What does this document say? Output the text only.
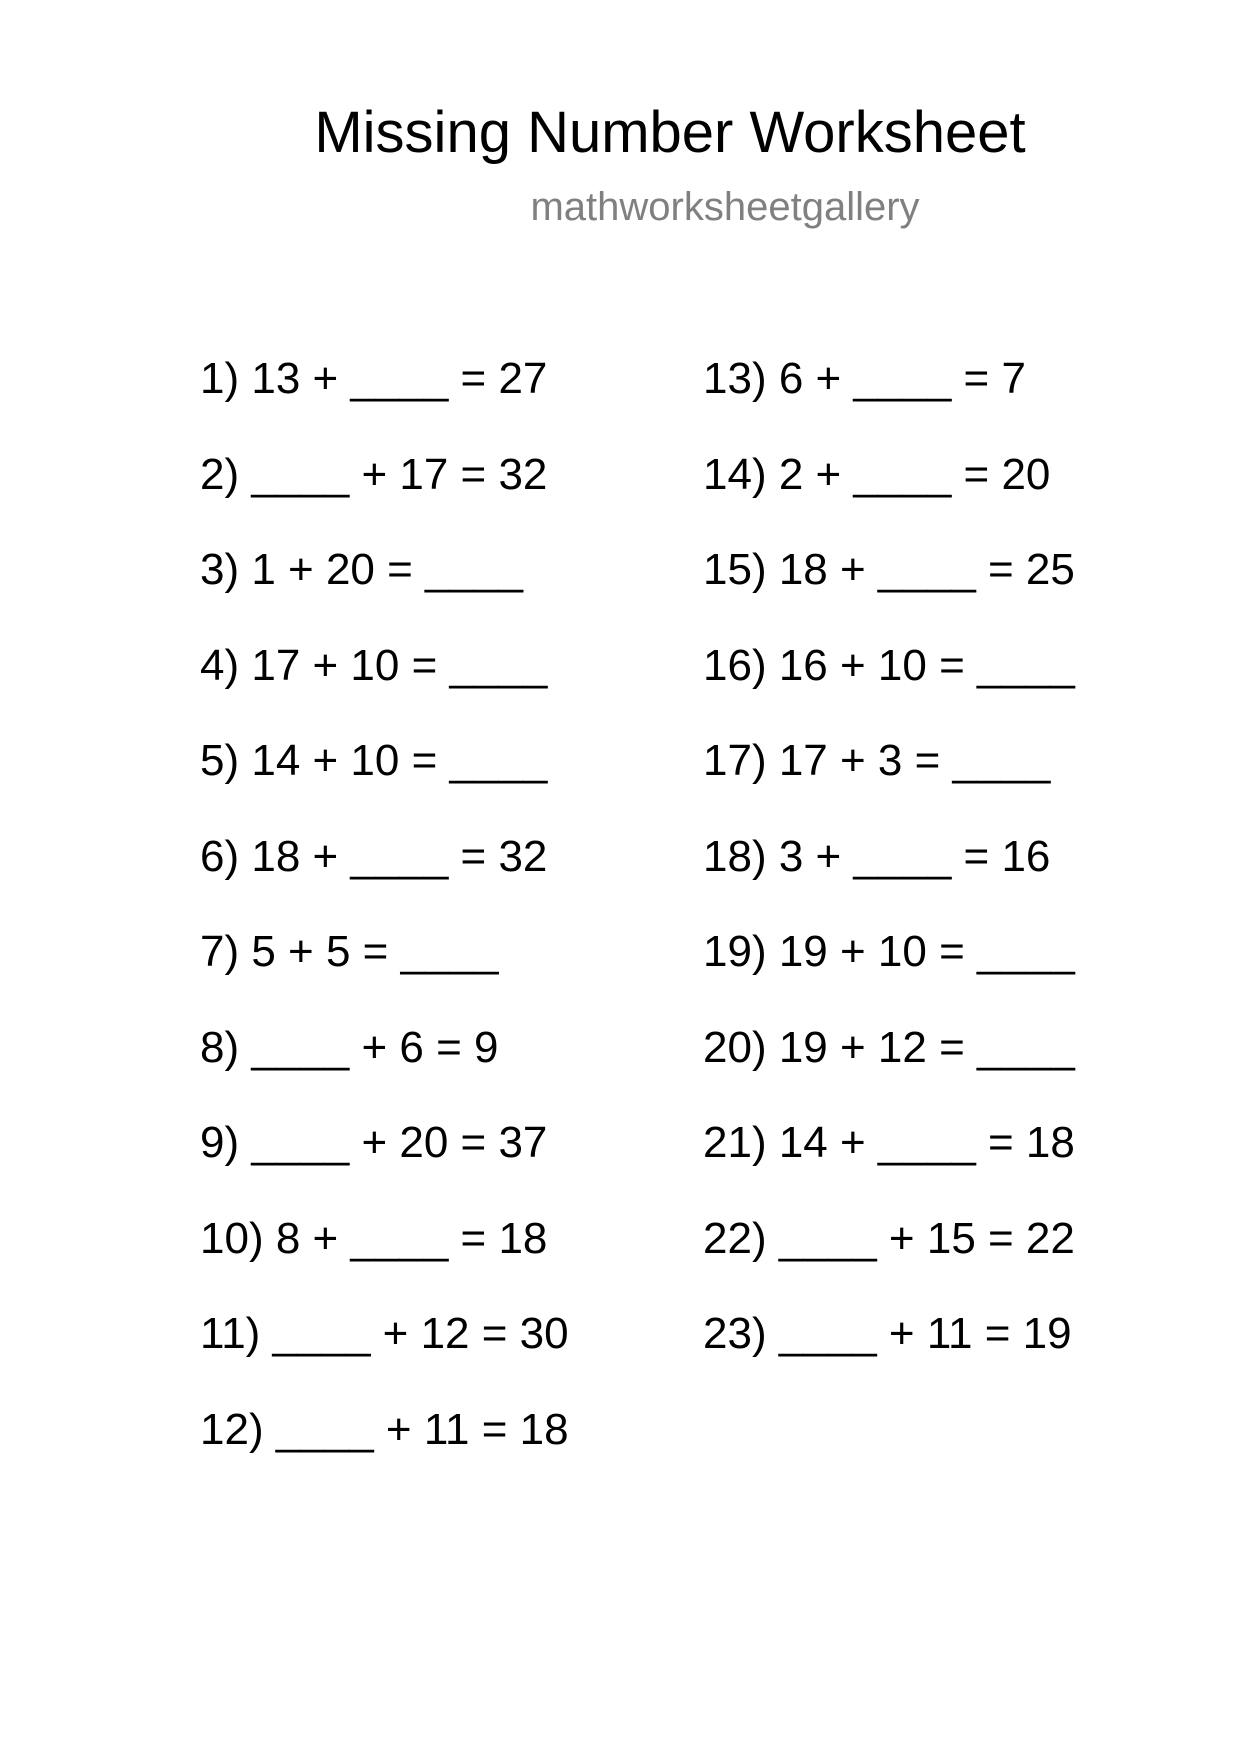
Missing Number Worksheet
mathworksheetgallery
1) 13 + ____ = 27
2) ____ + 17 = 32
3) 1 + 20 = ____
4) 17 + 10 = ____
5) 14 + 10 = ____
6) 18 + ____ = 32
7) 5 + 5 = ____
8) ____ + 6 = 9
9) ____ + 20 = 37
10) 8 + ____ = 18
11) ____ + 12 = 30
12) ____ + 11 = 18
13) 6 + ____ = 7
14) 2 + ____ = 20
15) 18 + ____ = 25
16) 16 + 10 = ____
17) 17 + 3 = ____
18) 3 + ____ = 16
19) 19 + 10 = ____
20) 19 + 12 = ____
21) 14 + ____ = 18
22) ____ + 15 = 22
23) ____ + 11 = 19
